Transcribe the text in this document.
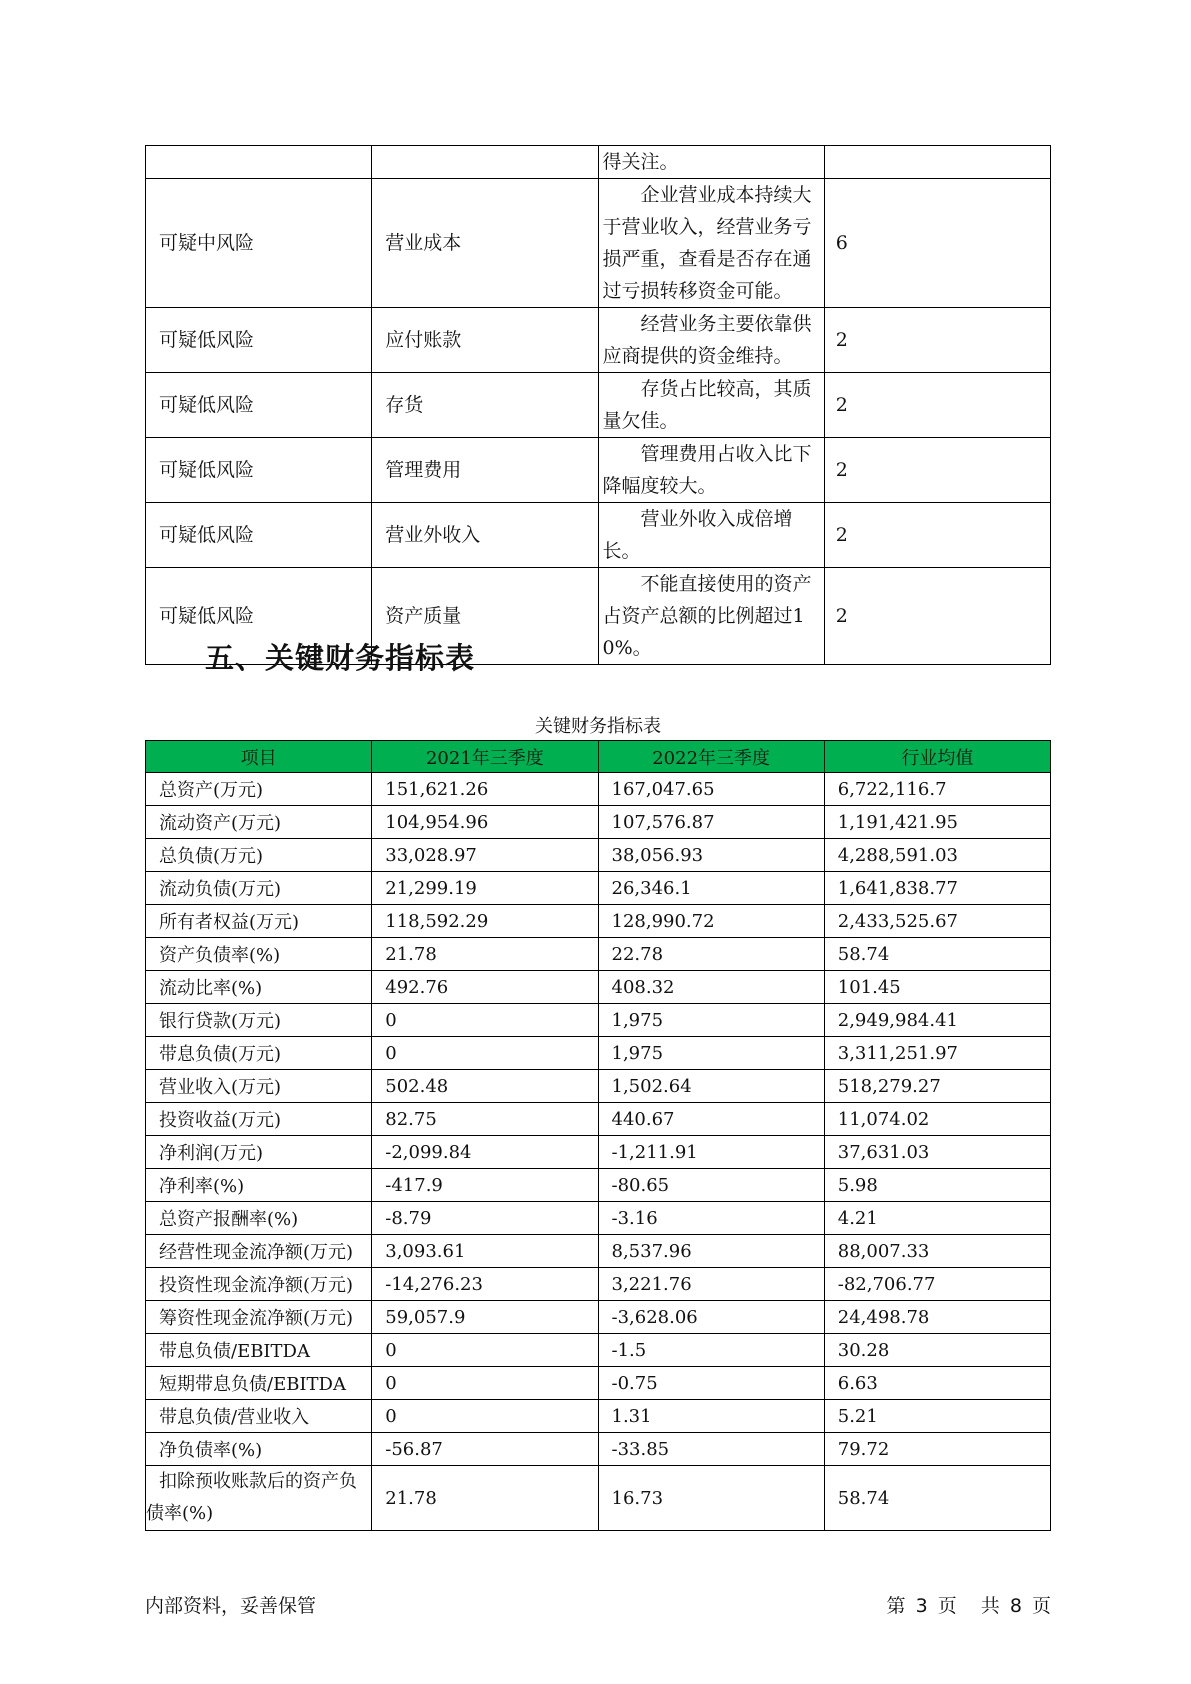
		得关注。	
可疑中风险	营业成本	企业营业成本持续大于营业收入，经营业务亏损严重，查看是否存在通过亏损转移资金可能。	6
可疑低风险	应付账款	经营业务主要依靠供应商提供的资金维持。	2
可疑低风险	存货	存货占比较高，其质量欠佳。	2
可疑低风险	管理费用	管理费用占收入比下降幅度较大。	2
可疑低风险	营业外收入	营业外收入成倍增长。	2
可疑低风险	资产质量	不能直接使用的资产占资产总额的比例超过10%。	2
五、关键财务指标表
关键财务指标表
项目	2021年三季度	2022年三季度	行业均值
总资产(万元)	151,621.26	167,047.65	6,722,116.7
流动资产(万元)	104,954.96	107,576.87	1,191,421.95
总负债(万元)	33,028.97	38,056.93	4,288,591.03
流动负债(万元)	21,299.19	26,346.1	1,641,838.77
所有者权益(万元)	118,592.29	128,990.72	2,433,525.67
资产负债率(%)	21.78	22.78	58.74
流动比率(%)	492.76	408.32	101.45
银行贷款(万元)	0	1,975	2,949,984.41
带息负债(万元)	0	1,975	3,311,251.97
营业收入(万元)	502.48	1,502.64	518,279.27
投资收益(万元)	82.75	440.67	11,074.02
净利润(万元)	-2,099.84	-1,211.91	37,631.03
净利率(%)	-417.9	-80.65	5.98
总资产报酬率(%)	-8.79	-3.16	4.21
经营性现金流净额(万元)	3,093.61	8,537.96	88,007.33
投资性现金流净额(万元)	-14,276.23	3,221.76	-82,706.77
筹资性现金流净额(万元)	59,057.9	-3,628.06	24,498.78
带息负债/EBITDA	0	-1.5	30.28
短期带息负债/EBITDA	0	-0.75	6.63
带息负债/营业收入	0	1.31	5.21
净负债率(%)	-56.87	-33.85	79.72
扣除预收账款后的资产负债率(%)	21.78	16.73	58.74
内部资料，妥善保管	第 3 页 共 8 页
